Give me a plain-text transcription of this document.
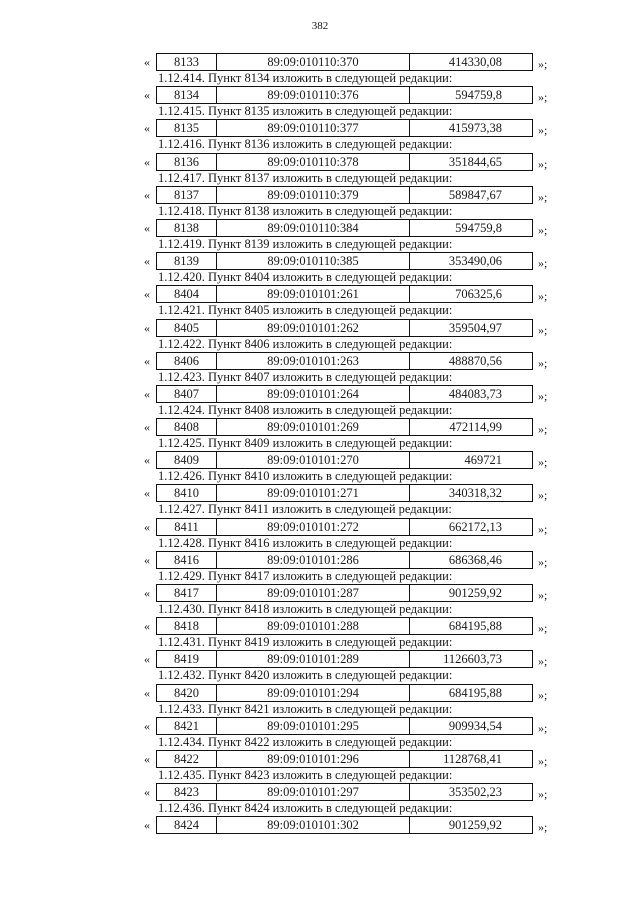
382
«	8133	89:09:010110:370	414330,08	»;
1.12.414. Пункт 8134 изложить в следующей редакции:
«	8134	89:09:010110:376	594759,8	»;
1.12.415. Пункт 8135 изложить в следующей редакции:
«	8135	89:09:010110:377	415973,38	»;
1.12.416. Пункт 8136 изложить в следующей редакции:
«	8136	89:09:010110:378	351844,65	»;
1.12.417. Пункт 8137 изложить в следующей редакции:
«	8137	89:09:010110:379	589847,67	»;
1.12.418. Пункт 8138 изложить в следующей редакции:
«	8138	89:09:010110:384	594759,8	»;
1.12.419. Пункт 8139 изложить в следующей редакции:
«	8139	89:09:010110:385	353490,06	»;
1.12.420. Пункт 8404 изложить в следующей редакции:
«	8404	89:09:010101:261	706325,6	»;
1.12.421. Пункт 8405 изложить в следующей редакции:
«	8405	89:09:010101:262	359504,97	»;
1.12.422. Пункт 8406 изложить в следующей редакции:
«	8406	89:09:010101:263	488870,56	»;
1.12.423. Пункт 8407 изложить в следующей редакции:
«	8407	89:09:010101:264	484083,73	»;
1.12.424. Пункт 8408 изложить в следующей редакции:
«	8408	89:09:010101:269	472114,99	»;
1.12.425. Пункт 8409 изложить в следующей редакции:
«	8409	89:09:010101:270	469721	»;
1.12.426. Пункт 8410 изложить в следующей редакции:
«	8410	89:09:010101:271	340318,32	»;
1.12.427. Пункт 8411 изложить в следующей редакции:
«	8411	89:09:010101:272	662172,13	»;
1.12.428. Пункт 8416 изложить в следующей редакции:
«	8416	89:09:010101:286	686368,46	»;
1.12.429. Пункт 8417 изложить в следующей редакции:
«	8417	89:09:010101:287	901259,92	»;
1.12.430. Пункт 8418 изложить в следующей редакции:
«	8418	89:09:010101:288	684195,88	»;
1.12.431. Пункт 8419 изложить в следующей редакции:
«	8419	89:09:010101:289	1126603,73	»;
1.12.432. Пункт 8420 изложить в следующей редакции:
«	8420	89:09:010101:294	684195,88	»;
1.12.433. Пункт 8421 изложить в следующей редакции:
«	8421	89:09:010101:295	909934,54	»;
1.12.434. Пункт 8422 изложить в следующей редакции:
«	8422	89:09:010101:296	1128768,41	»;
1.12.435. Пункт 8423 изложить в следующей редакции:
«	8423	89:09:010101:297	353502,23	»;
1.12.436. Пункт 8424 изложить в следующей редакции:
«	8424	89:09:010101:302	901259,92	»;
